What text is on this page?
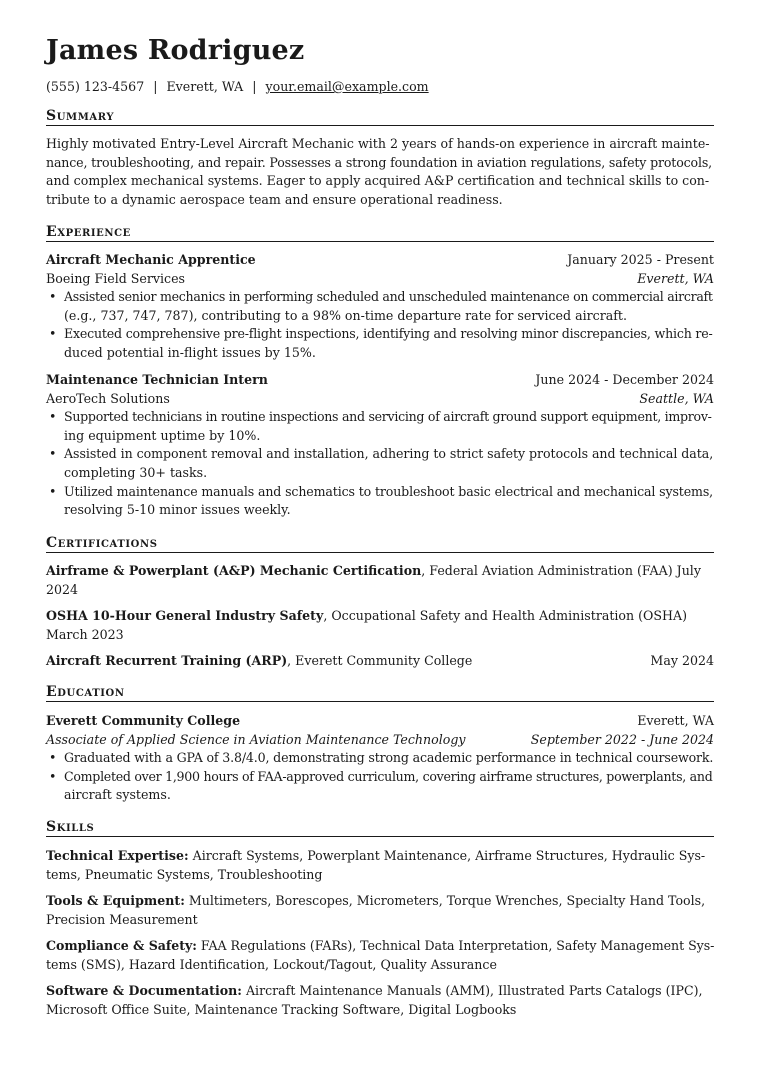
James Rodriguez
(555) 123-4567 | Everett, WA | your.email@example.com
Summary
Highly motivated Entry-Level Aircraft Mechanic with 2 years of hands-on experience in aircraft mainte-
nance, troubleshooting, and repair. Possesses a strong foundation in aviation regulations, safety protocols,
and complex mechanical systems. Eager to apply acquired A&P certification and technical skills to con-
tribute to a dynamic aerospace team and ensure operational readiness.
Experience
Aircraft Mechanic Apprentice	January 2025 - Present
Boeing Field Services	Everett, WA
• Assisted senior mechanics in performing scheduled and unscheduled maintenance on commercial aircraft
(e.g., 737, 747, 787), contributing to a 98% on-time departure rate for serviced aircraft.
• Executed comprehensive pre-flight inspections, identifying and resolving minor discrepancies, which re-
duced potential in-flight issues by 15%.
Maintenance Technician Intern	June 2024 - December 2024
AeroTech Solutions	Seattle, WA
• Supported technicians in routine inspections and servicing of aircraft ground support equipment, improv-
ing equipment uptime by 10%.
• Assisted in component removal and installation, adhering to strict safety protocols and technical data,
completing 30+ tasks.
• Utilized maintenance manuals and schematics to troubleshoot basic electrical and mechanical systems,
resolving 5-10 minor issues weekly.
Certifications
Airframe & Powerplant (A&P) Mechanic Certification, Federal Aviation Administration (FAA) July
2024
OSHA 10-Hour General Industry Safety, Occupational Safety and Health Administration (OSHA)
March 2023
Aircraft Recurrent Training (ARP), Everett Community College	May 2024
Education
Everett Community College	Everett, WA
Associate of Applied Science in Aviation Maintenance Technology	September 2022 - June 2024
• Graduated with a GPA of 3.8/4.0, demonstrating strong academic performance in technical coursework.
• Completed over 1,900 hours of FAA-approved curriculum, covering airframe structures, powerplants, and
aircraft systems.
Skills
Technical Expertise: Aircraft Systems, Powerplant Maintenance, Airframe Structures, Hydraulic Sys-
tems, Pneumatic Systems, Troubleshooting
Tools & Equipment: Multimeters, Borescopes, Micrometers, Torque Wrenches, Specialty Hand Tools,
Precision Measurement
Compliance & Safety: FAA Regulations (FARs), Technical Data Interpretation, Safety Management Sys-
tems (SMS), Hazard Identification, Lockout/Tagout, Quality Assurance
Software & Documentation: Aircraft Maintenance Manuals (AMM), Illustrated Parts Catalogs (IPC),
Microsoft Office Suite, Maintenance Tracking Software, Digital Logbooks
